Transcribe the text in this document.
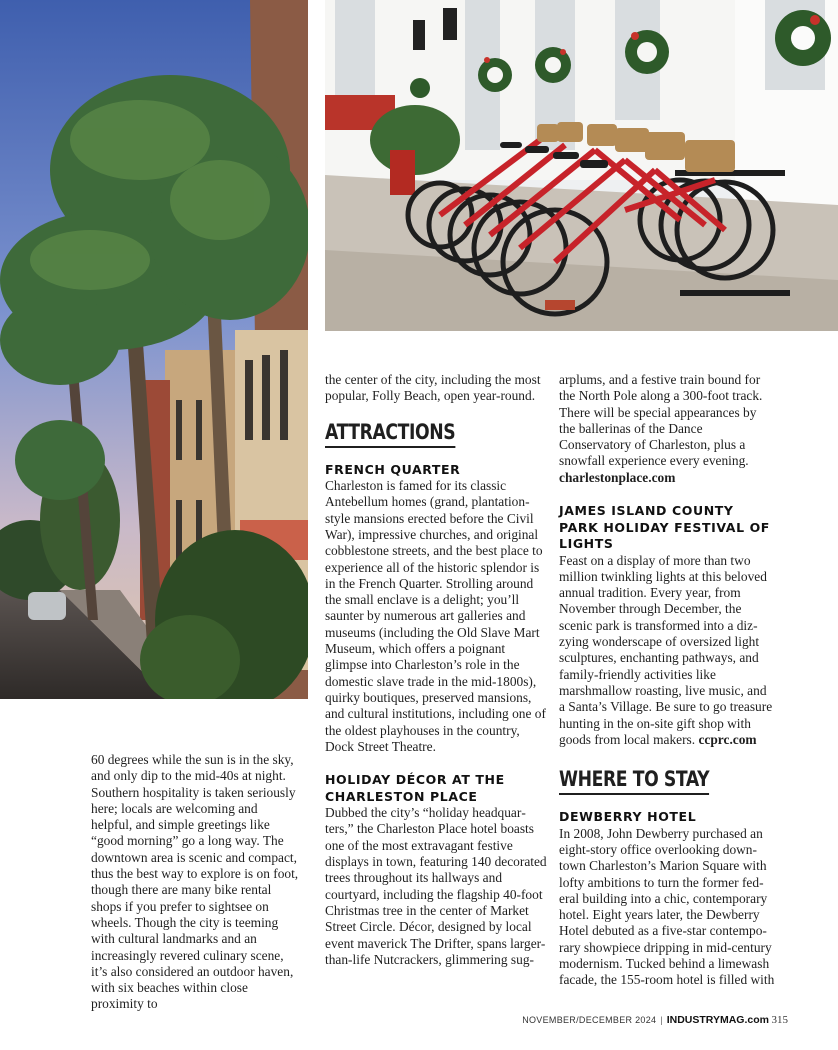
60 degrees while the sun is in the sky, and only dip to the mid-40s at night. Southern hospitality is taken seriously here; locals are welcoming and helpful, and simple greetings like “good morning” go a long way. The downtown area is scenic and compact, thus the best way to explore is on foot, though there are many bike rental shops if you prefer to sightsee on wheels. Though the city is teeming with cultural landmarks and an increasingly revered culinary scene, it’s also considered an outdoor haven, with six beaches within close proximity to

the center of the city, including the most popular, Folly Beach, open year-round.

ATTRACTIONS
FRENCH QUARTER

Charleston is famed for its classic Antebellum homes (grand, plantation-style mansions erected before the Civil War), impressive churches, and original cobblestone streets, and the best place to experience all of the historic splendor is in the French Quarter. Strolling around the small enclave is a delight; you’ll saunter by numerous art galleries and museums (including the Old Slave Mart Museum, which offers a poignant glimpse into Charleston’s role in the domestic slave trade in the mid-1800s), quirky boutiques, preserved mansions, and cultural institutions, including one of the oldest playhouses in the country, Dock Street Theatre.

HOLIDAY DÉCOR AT THE CHARLESTON PLACE

Dubbed the city’s “holiday headquarters,” the Charleston Place hotel boasts one of the most extravagant festive displays in town, featuring 140 decorated trees throughout its hallways and courtyard, including the flagship 40-foot Christmas tree in the center of Market Street Circle. Décor, designed by local event maverick The Drifter, spans larger-than-life Nutcrackers, glimmering sug-

arplums, and a festive train bound for the North Pole along a 300-foot track. There will be special appearances by the ballerinas of the Dance Conservatory of Charleston, plus a snowfall experience every evening. charlestonplace.com

JAMES ISLAND COUNTY PARK HOLIDAY FESTIVAL OF LIGHTS

Feast on a display of more than two million twinkling lights at this beloved annual tradition. Every year, from November through December, the scenic park is transformed into a dizzying wonderscape of oversized light sculptures, enchanting pathways, and family-friendly activities like marshmallow roasting, live music, and a Santa’s Village. Be sure to go treasure hunting in the on-site gift shop with goods from local makers. ccprc.com

WHERE TO STAY
DEWBERRY HOTEL

In 2008, John Dewberry purchased an eight-story office overlooking downtown Charleston’s Marion Square with lofty ambitions to turn the former federal building into a chic, contemporary hotel. Eight years later, the Dewberry Hotel debuted as a five-star contemporary showpiece dripping in mid-century modernism. Tucked behind a limewash facade, the 155-room hotel is filled with

NOVEMBER/DECEMBER 2024 | INDUSTRYMAG.com 315
